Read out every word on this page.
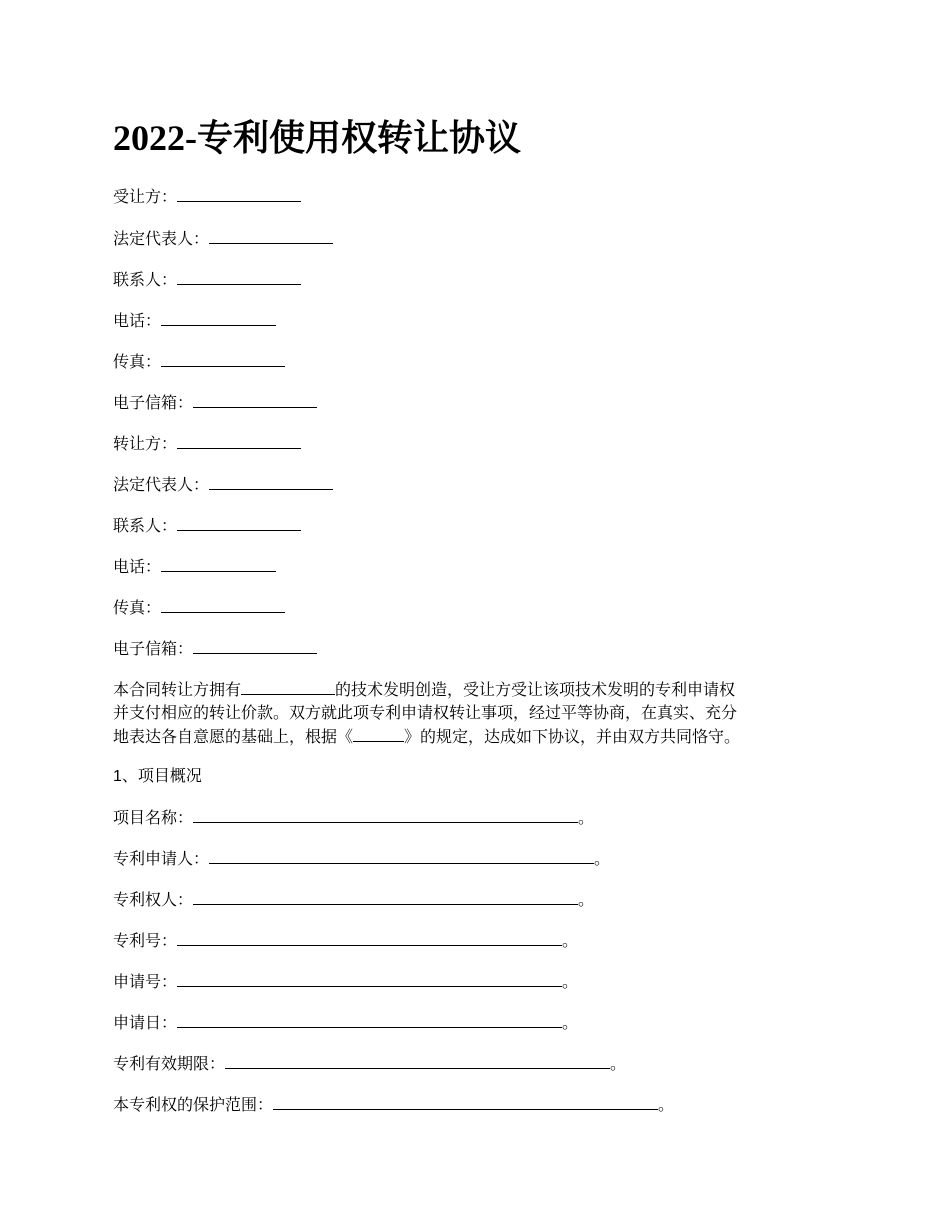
2022-专利使用权转让协议

受让方：

法定代表人：

联系人：

电话：

传真：

电子信箱：

转让方：

法定代表人：

联系人：

电话：

传真：

电子信箱：

本合同转让方拥有	的技术发明创造，受让方受让该项技术发明的专利申请权
并支付相应的转让价款。双方就此项专利申请权转让事项，经过平等协商，在真实、充分
地表达各自意愿的基础上，根据《	》的规定，达成如下协议，并由双方共同恪守。

1、项目概况

项目名称：	。

专利申请人：	。

专利权人：	。

专利号：	。

申请号：	。

申请日：	。

专利有效期限：	。

本专利权的保护范围：	。
